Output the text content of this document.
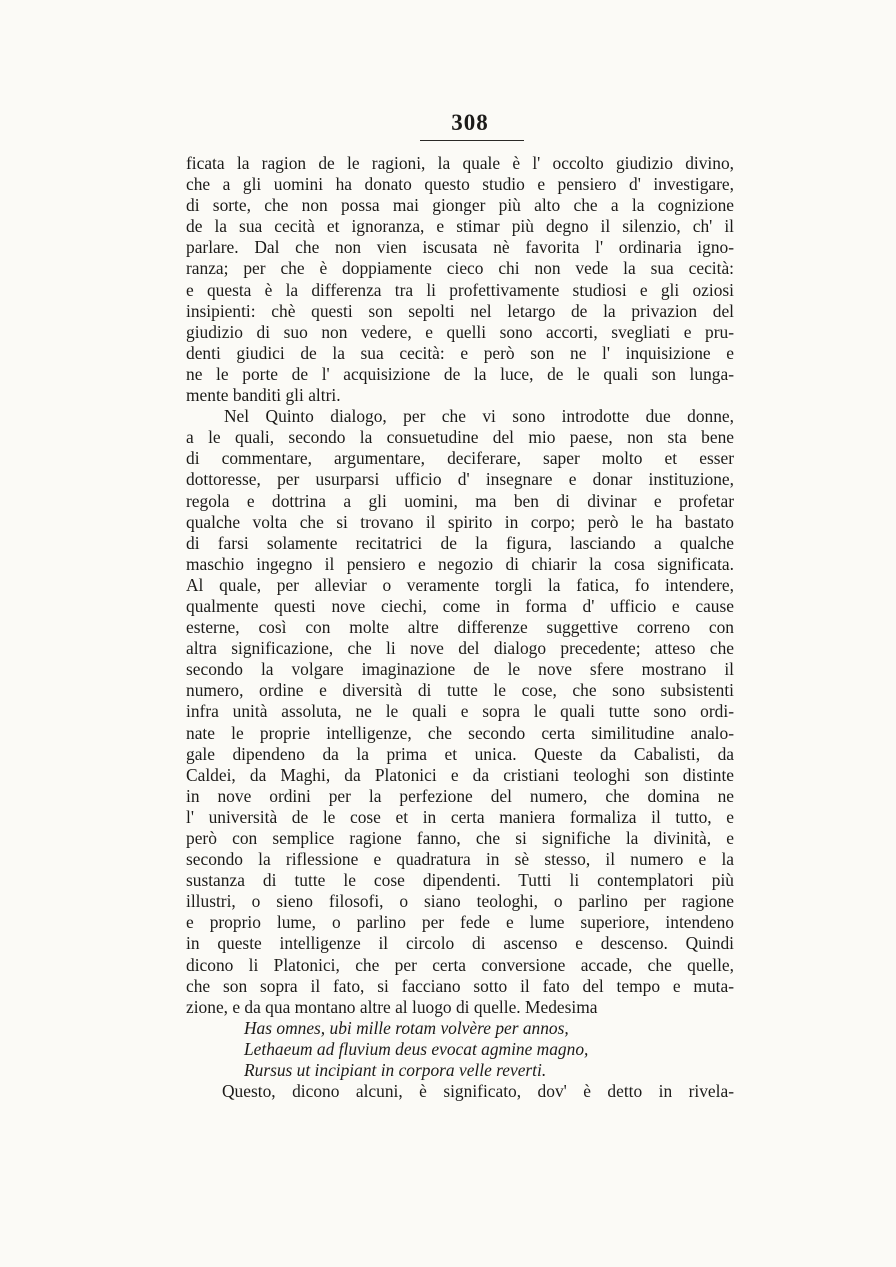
308
ficata la ragion de le ragioni, la quale è l' occolto giudizio divino,
che a gli uomini ha donato questo studio e pensiero d' investigare,
di sorte, che non possa mai gionger più alto che a la cognizione
de la sua cecità et ignoranza, e stimar più degno il silenzio, ch' il
parlare. Dal che non vien iscusata nè favorita l' ordinaria igno-
ranza; per che è doppiamente cieco chi non vede la sua cecità:
e questa è la differenza tra li profettivamente studiosi e gli oziosi
insipienti: chè questi son sepolti nel letargo de la privazion del
giudizio di suo non vedere, e quelli sono accorti, svegliati e pru-
denti giudici de la sua cecità: e però son ne l' inquisizione e
ne le porte de l' acquisizione de la luce, de le quali son lunga-
mente banditi gli altri.
Nel Quinto dialogo, per che vi sono introdotte due donne,
a le quali, secondo la consuetudine del mio paese, non sta bene
di commentare, argumentare, deciferare, saper molto et esser
dottoresse, per usurparsi ufficio d' insegnare e donar instituzione,
regola e dottrina a gli uomini, ma ben di divinar e profetar
qualche volta che si trovano il spirito in corpo; però le ha bastato
di farsi solamente recitatrici de la figura, lasciando a qualche
maschio ingegno il pensiero e negozio di chiarir la cosa significata.
Al quale, per alleviar o veramente torgli la fatica, fo intendere,
qualmente questi nove ciechi, come in forma d' ufficio e cause
esterne, così con molte altre differenze suggettive correno con
altra significazione, che li nove del dialogo precedente; atteso che
secondo la volgare imaginazione de le nove sfere mostrano il
numero, ordine e diversità di tutte le cose, che sono subsistenti
infra unità assoluta, ne le quali e sopra le quali tutte sono ordi-
nate le proprie intelligenze, che secondo certa similitudine analo-
gale dipendeno da la prima et unica. Queste da Cabalisti, da
Caldei, da Maghi, da Platonici e da cristiani teologhi son distinte
in nove ordini per la perfezione del numero, che domina ne
l' università de le cose et in certa maniera formaliza il tutto, e
però con semplice ragione fanno, che si significhe la divinità, e
secondo la riflessione e quadratura in sè stesso, il numero e la
sustanza di tutte le cose dipendenti. Tutti li contemplatori più
illustri, o sieno filosofi, o siano teologhi, o parlino per ragione
e proprio lume, o parlino per fede e lume superiore, intendeno
in queste intelligenze il circolo di ascenso e descenso. Quindi
dicono li Platonici, che per certa conversione accade, che quelle,
che son sopra il fato, si facciano sotto il fato del tempo e muta-
zione, e da qua montano altre al luogo di quelle. Medesima
Has omnes, ubi mille rotam volvère per annos,
Lethaeum ad fluvium deus evocat agmine magno,
Rursus ut incipiant in corpora velle reverti.
Questo, dicono alcuni, è significato, dov' è detto in rivela-
